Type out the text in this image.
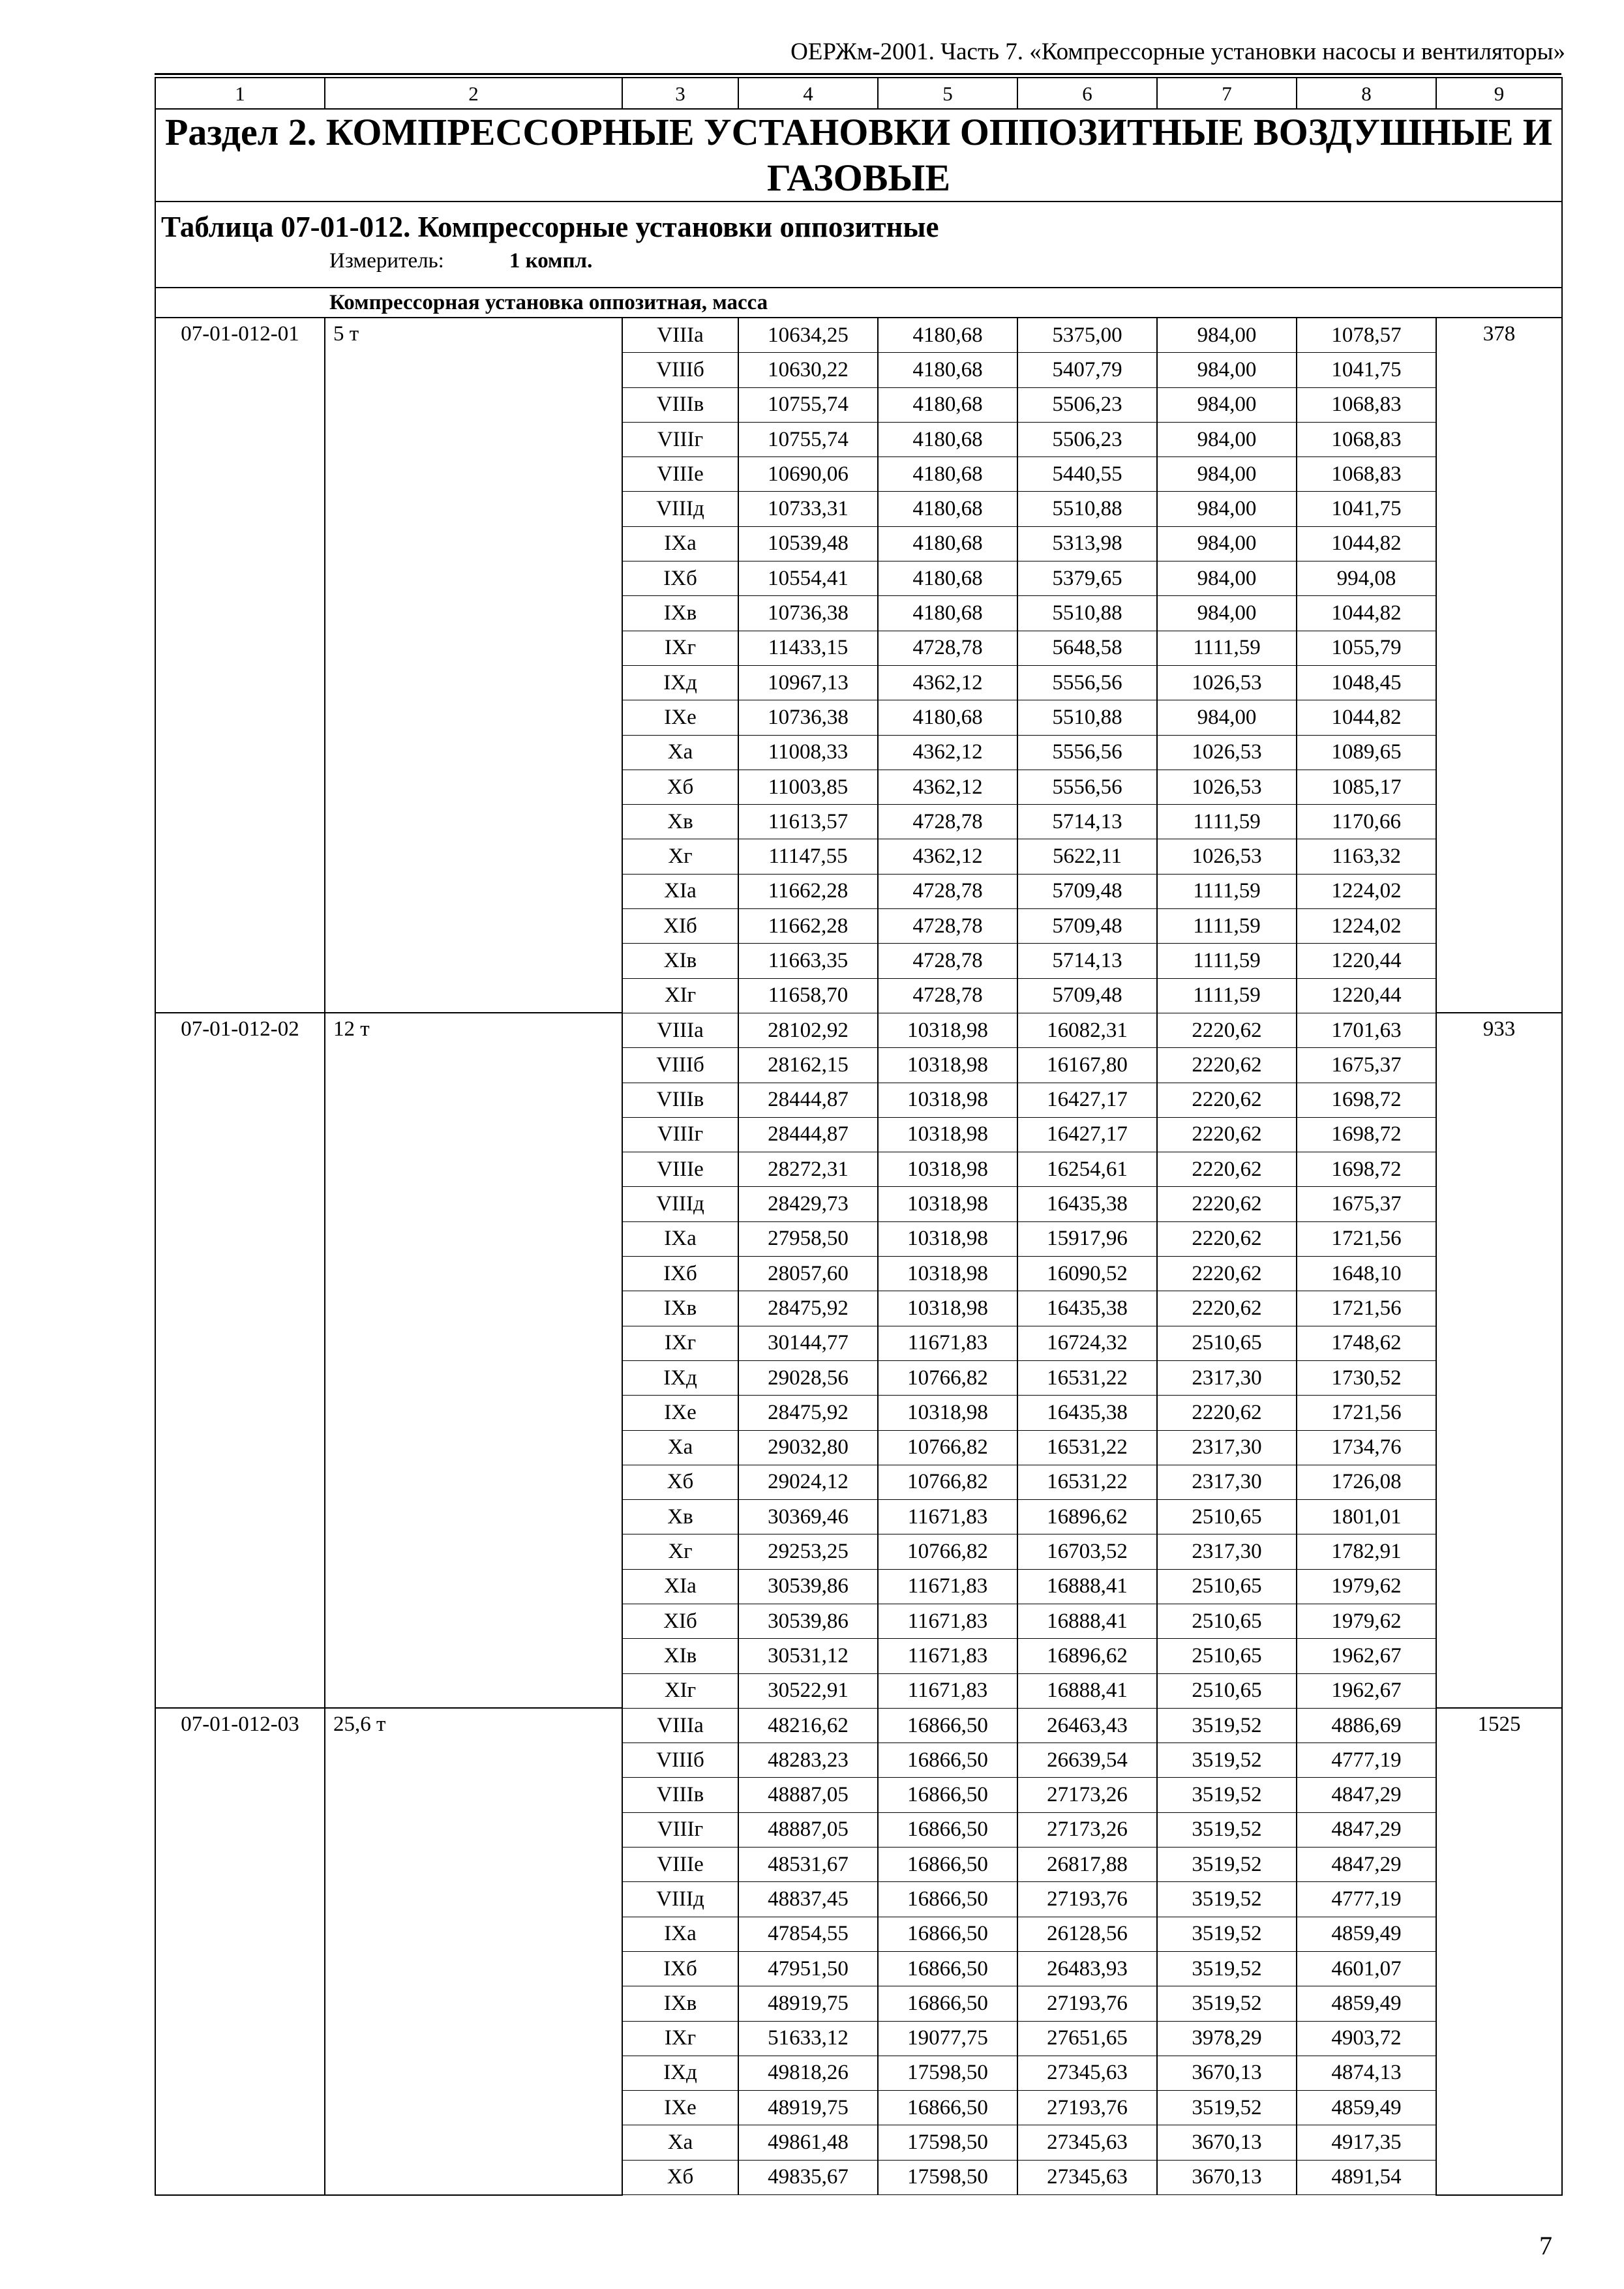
ОЕРЖм-2001. Часть 7. «Компрессорные установки насосы и вентиляторы»
1	2	3	4	5	6	7	8	9
Раздел 2. КОМПРЕССОРНЫЕ УСТАНОВКИ ОППОЗИТНЫЕ ВОЗДУШНЫЕ И ГАЗОВЫЕ								
Таблица 07-01-012. Компрессорные установки оппозитные								
Измеритель: 1 компл.								
Компрессорная установка оппозитная, масса								
07-01-012-01	5 т	VIIIa	10634,25	4180,68	5375,00	984,00	1078,57	378
		VIIIб	10630,22	4180,68	5407,79	984,00	1041,75	
		VIIIв	10755,74	4180,68	5506,23	984,00	1068,83	
		VIIIг	10755,74	4180,68	5506,23	984,00	1068,83	
		VIIIe	10690,06	4180,68	5440,55	984,00	1068,83	
		VIIIд	10733,31	4180,68	5510,88	984,00	1041,75	
		IXa	10539,48	4180,68	5313,98	984,00	1044,82	
		IXб	10554,41	4180,68	5379,65	984,00	994,08	
		IXв	10736,38	4180,68	5510,88	984,00	1044,82	
		IXг	11433,15	4728,78	5648,58	1111,59	1055,79	
		IXд	10967,13	4362,12	5556,56	1026,53	1048,45	
		IXe	10736,38	4180,68	5510,88	984,00	1044,82	
		Xa	11008,33	4362,12	5556,56	1026,53	1089,65	
		Xб	11003,85	4362,12	5556,56	1026,53	1085,17	
		Xв	11613,57	4728,78	5714,13	1111,59	1170,66	
		Xг	11147,55	4362,12	5622,11	1026,53	1163,32	
		XIa	11662,28	4728,78	5709,48	1111,59	1224,02	
		XIб	11662,28	4728,78	5709,48	1111,59	1224,02	
		XIв	11663,35	4728,78	5714,13	1111,59	1220,44	
		XIг	11658,70	4728,78	5709,48	1111,59	1220,44	
07-01-012-02	12 т	VIIIa	28102,92	10318,98	16082,31	2220,62	1701,63	933
		VIIIб	28162,15	10318,98	16167,80	2220,62	1675,37	
		VIIIв	28444,87	10318,98	16427,17	2220,62	1698,72	
		VIIIг	28444,87	10318,98	16427,17	2220,62	1698,72	
		VIIIe	28272,31	10318,98	16254,61	2220,62	1698,72	
		VIIIд	28429,73	10318,98	16435,38	2220,62	1675,37	
		IXa	27958,50	10318,98	15917,96	2220,62	1721,56	
		IXб	28057,60	10318,98	16090,52	2220,62	1648,10	
		IXв	28475,92	10318,98	16435,38	2220,62	1721,56	
		IXг	30144,77	11671,83	16724,32	2510,65	1748,62	
		IXд	29028,56	10766,82	16531,22	2317,30	1730,52	
		IXe	28475,92	10318,98	16435,38	2220,62	1721,56	
		Xa	29032,80	10766,82	16531,22	2317,30	1734,76	
		Xб	29024,12	10766,82	16531,22	2317,30	1726,08	
		Xв	30369,46	11671,83	16896,62	2510,65	1801,01	
		Xг	29253,25	10766,82	16703,52	2317,30	1782,91	
		XIa	30539,86	11671,83	16888,41	2510,65	1979,62	
		XIб	30539,86	11671,83	16888,41	2510,65	1979,62	
		XIв	30531,12	11671,83	16896,62	2510,65	1962,67	
		XIг	30522,91	11671,83	16888,41	2510,65	1962,67	
07-01-012-03	25,6 т	VIIIa	48216,62	16866,50	26463,43	3519,52	4886,69	1525
		VIIIб	48283,23	16866,50	26639,54	3519,52	4777,19	
		VIIIв	48887,05	16866,50	27173,26	3519,52	4847,29	
		VIIIг	48887,05	16866,50	27173,26	3519,52	4847,29	
		VIIIe	48531,67	16866,50	26817,88	3519,52	4847,29	
		VIIIд	48837,45	16866,50	27193,76	3519,52	4777,19	
		IXa	47854,55	16866,50	26128,56	3519,52	4859,49	
		IXб	47951,50	16866,50	26483,93	3519,52	4601,07	
		IXв	48919,75	16866,50	27193,76	3519,52	4859,49	
		IXг	51633,12	19077,75	27651,65	3978,29	4903,72	
		IXд	49818,26	17598,50	27345,63	3670,13	4874,13	
		IXe	48919,75	16866,50	27193,76	3519,52	4859,49	
		Xa	49861,48	17598,50	27345,63	3670,13	4917,35	
		Xб	49835,67	17598,50	27345,63	3670,13	4891,54	
7
